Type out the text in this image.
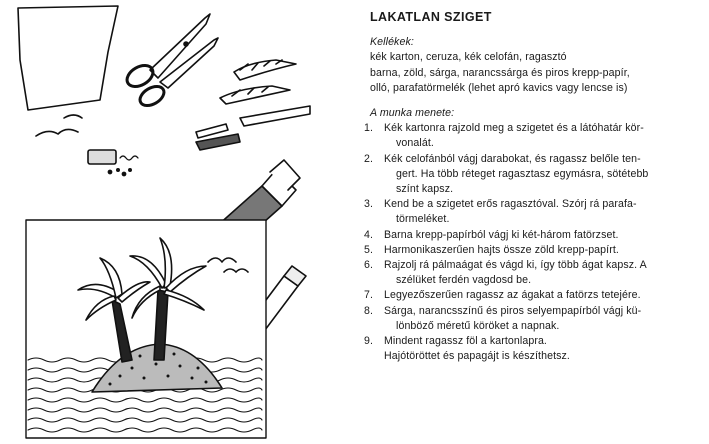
LAKATLAN SZIGET
Kellékek:
kék karton, ceruza, kék celofán, ragasztó
barna, zöld, sárga, narancssárga és piros krepp-papír,
olló, parafatörmelék (lehet apró kavics vagy lencse is)
A munka menete:
1.	Kék kartonra rajzold meg a szigetet és a látóhatár kör-
vonalát.
2.	Kék celofánból vágj darabokat, és ragassz belőle ten-
gert. Ha több réteget ragasztasz egymásra, sötétebb
színt kapsz.
3.	Kend be a szigetet erős ragasztóval. Szórj rá parafa-
törmeléket.
4.	Barna krepp-papírból vágj ki két-három fatörzset.
5.	Harmonikaszerűen hajts össze zöld krepp-papírt.
6.	Rajzolj rá pálmaágat és vágd ki, így több ágat kapsz. A
szélüket ferdén vagdosd be.
7.	Legyezőszerűen ragassz az ágakat a fatörzs tetejére.
8.	Sárga, narancsszínű és piros selyempapírból vágj kü-
lönböző méretű köröket a napnak.
9.	Mindent ragassz föl a kartonlapra.
Hajótöröttet és papagájt is készíthetsz.
